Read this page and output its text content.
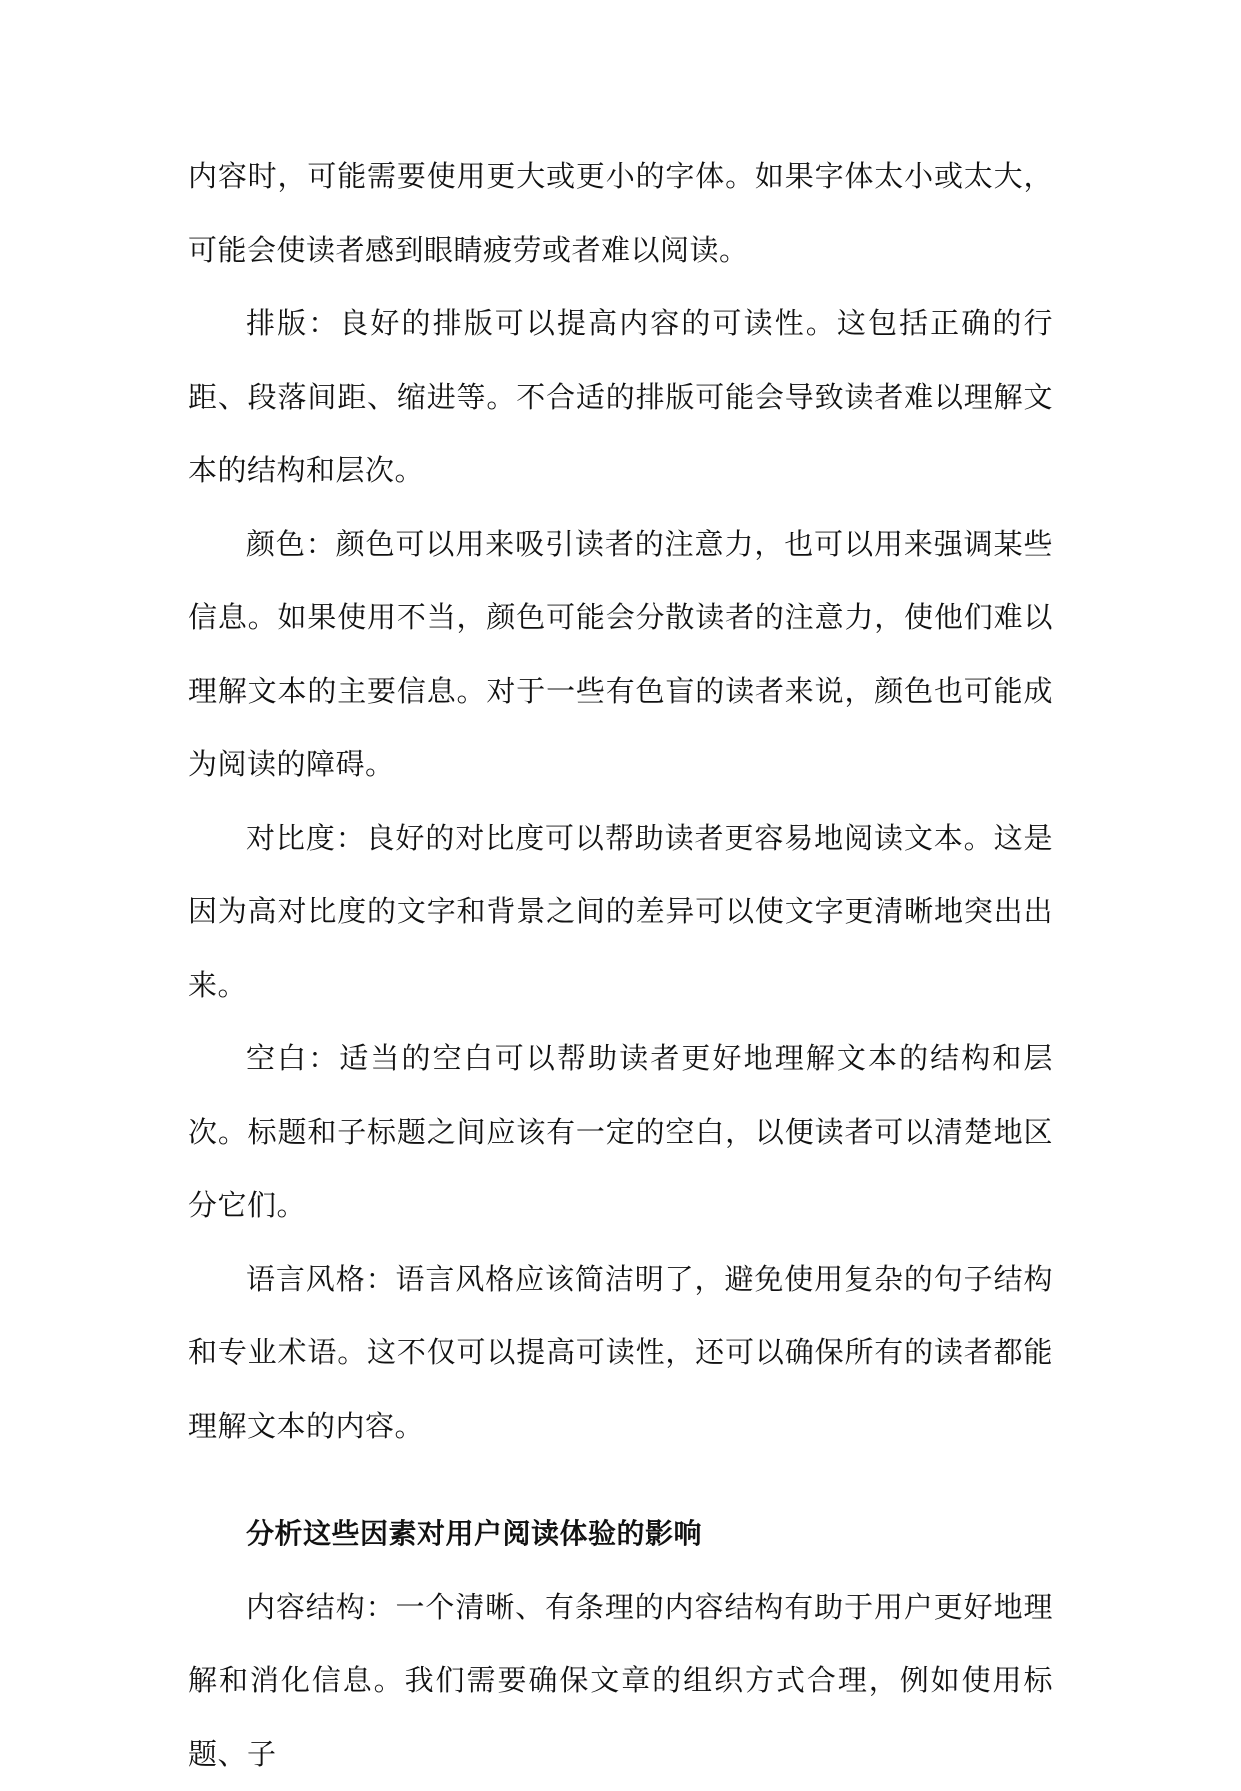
内容时，可能需要使用更大或更小的字体。如果字体太小或太大，可能会使读者感到眼睛疲劳或者难以阅读。

排版：良好的排版可以提高内容的可读性。这包括正确的行距、段落间距、缩进等。不合适的排版可能会导致读者难以理解文本的结构和层次。

颜色：颜色可以用来吸引读者的注意力，也可以用来强调某些信息。如果使用不当，颜色可能会分散读者的注意力，使他们难以理解文本的主要信息。对于一些有色盲的读者来说，颜色也可能成为阅读的障碍。

对比度：良好的对比度可以帮助读者更容易地阅读文本。这是因为高对比度的文字和背景之间的差异可以使文字更清晰地突出出来。

空白：适当的空白可以帮助读者更好地理解文本的结构和层次。标题和子标题之间应该有一定的空白，以便读者可以清楚地区分它们。

语言风格：语言风格应该简洁明了，避免使用复杂的句子结构和专业术语。这不仅可以提高可读性，还可以确保所有的读者都能理解文本的内容。

分析这些因素对用户阅读体验的影响

内容结构：一个清晰、有条理的内容结构有助于用户更好地理解和消化信息。我们需要确保文章的组织方式合理，例如使用标题、子
